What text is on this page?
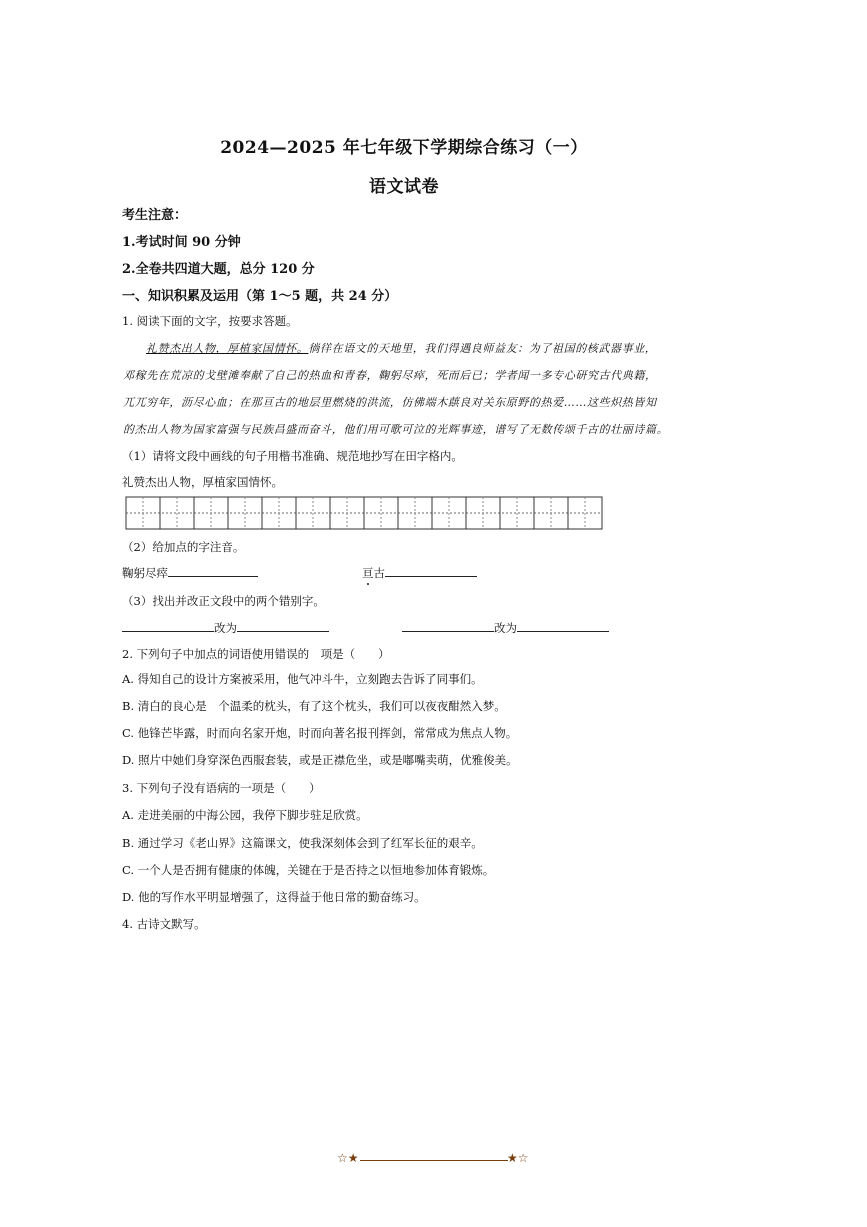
2024—2025 年七年级下学期综合练习（一）
语文试卷
考生注意：
1.考试时间 90 分钟
2.全卷共四道大题，总分 120 分
一、知识积累及运用（第 1～5 题，共 24 分）
1. 阅读下面的文字，按要求答题。
礼赞杰出人物，厚植家国情怀。徜徉在语文的天地里，我们得遇良师益友：为了祖国的核武器事业，
邓稼先在荒凉的戈壁滩奉献了自己的热血和青春，鞠躬尽瘁，死而后已；学者闻一多专心研究古代典籍，
兀兀穷年，沥尽心血；在那亘古的地层里燃烧的洪流，仿佛端木蕻良对关东原野的热爱……这些炽热皆知
的杰出人物为国家富强与民族昌盛而奋斗，他们用可歌可泣的光辉事迹，谱写了无数传颂千古的壮丽诗篇。
（1）请将文段中画线的句子用楷书准确、规范地抄写在田字格内。
礼赞杰出人物，厚植家国情怀。
（2）给加点的字注音。
鞠躬尽瘁	亘古
（3）找出并改正文段中的两个错别字。
改为	改为
2. 下列句子中加点的词语使用错误的　项是（　　）
A. 得知自己的设计方案被采用，他气冲斗牛，立刻跑去告诉了同事们。
B. 清白的良心是　个温柔的枕头，有了这个枕头，我们可以夜夜酣然入梦。
C. 他锋芒毕露，时而向名家开炮，时而向著名报刊挥剑，常常成为焦点人物。
D. 照片中她们身穿深色西服套装，或是正襟危坐，或是嘟嘴卖萌，优雅俊美。
3. 下列句子没有语病的一项是（　　）
A. 走进美丽的中海公园，我停下脚步驻足欣赏。
B. 通过学习《老山界》这篇课文，使我深刻体会到了红军长征的艰辛。
C. 一个人是否拥有健康的体魄，关键在于是否持之以恒地参加体育锻炼。
D. 他的写作水平明显增强了，这得益于他日常的勤奋练习。
4. 古诗文默写。
☆★	★☆
